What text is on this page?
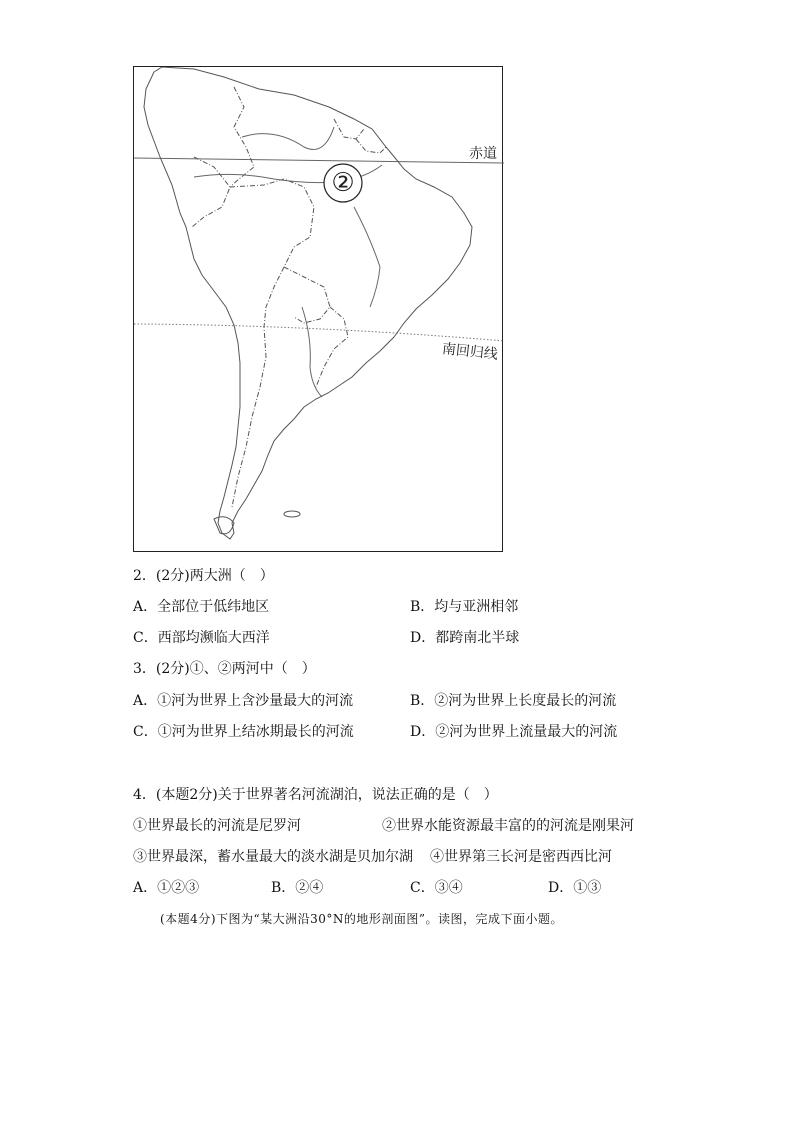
②
赤道
南回归线
2．(2分)两大洲（　）
A．全部位于低纬地区	B．均与亚洲相邻
C．西部均濒临大西洋	D．都跨南北半球
3．(2分)①、②两河中（　）
A．①河为世界上含沙量最大的河流	B．②河为世界上长度最长的河流
C．①河为世界上结冰期最长的河流	D．②河为世界上流量最大的河流
4．(本题2分)关于世界著名河流湖泊，说法正确的是（　）
①世界最长的河流是尼罗河	②世界水能资源最丰富的的河流是刚果河
③世界最深，蓄水量最大的淡水湖是贝加尔湖 ④世界第三长河是密西西比河
A．①②③	B．②④	C．③④	D．①③
(本题4分)下图为“某大洲沿30°N的地形剖面图”。读图，完成下面小题。
